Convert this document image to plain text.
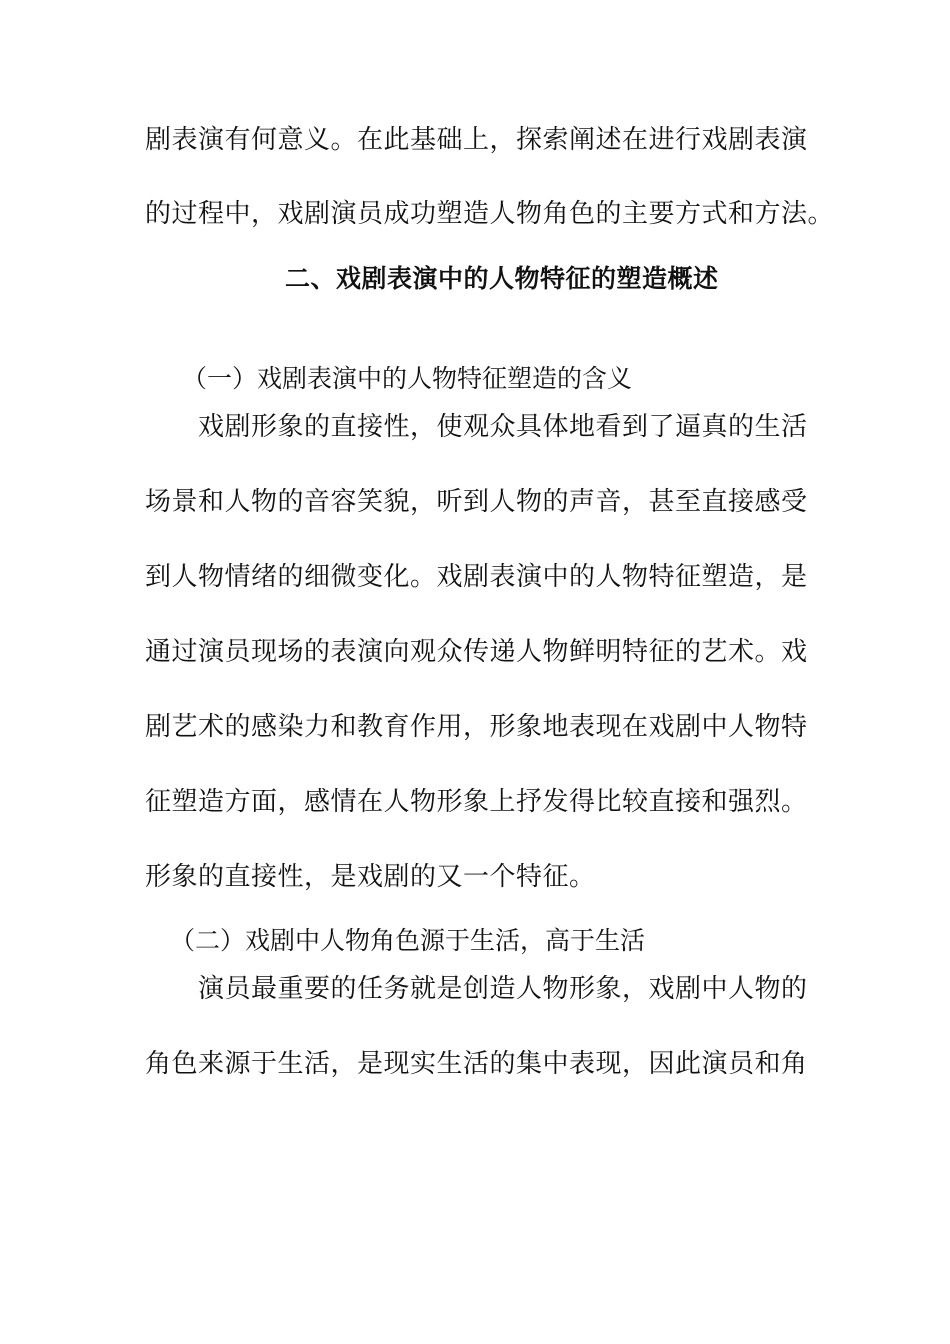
剧表演有何意义。在此基础上，探索阐述在进行戏剧表演
的过程中，戏剧演员成功塑造人物角色的主要方式和方法。
二、戏剧表演中的人物特征的塑造概述
（一）戏剧表演中的人物特征塑造的含义
　　戏剧形象的直接性，使观众具体地看到了逼真的生活
场景和人物的音容笑貌，听到人物的声音，甚至直接感受
到人物情绪的细微变化。戏剧表演中的人物特征塑造，是
通过演员现场的表演向观众传递人物鲜明特征的艺术。戏
剧艺术的感染力和教育作用，形象地表现在戏剧中人物特
征塑造方面，感情在人物形象上抒发得比较直接和强烈。
形象的直接性，是戏剧的又一个特征。
（二）戏剧中人物角色源于生活，高于生活
　　演员最重要的任务就是创造人物形象，戏剧中人物的
角色来源于生活，是现实生活的集中表现，因此演员和角
